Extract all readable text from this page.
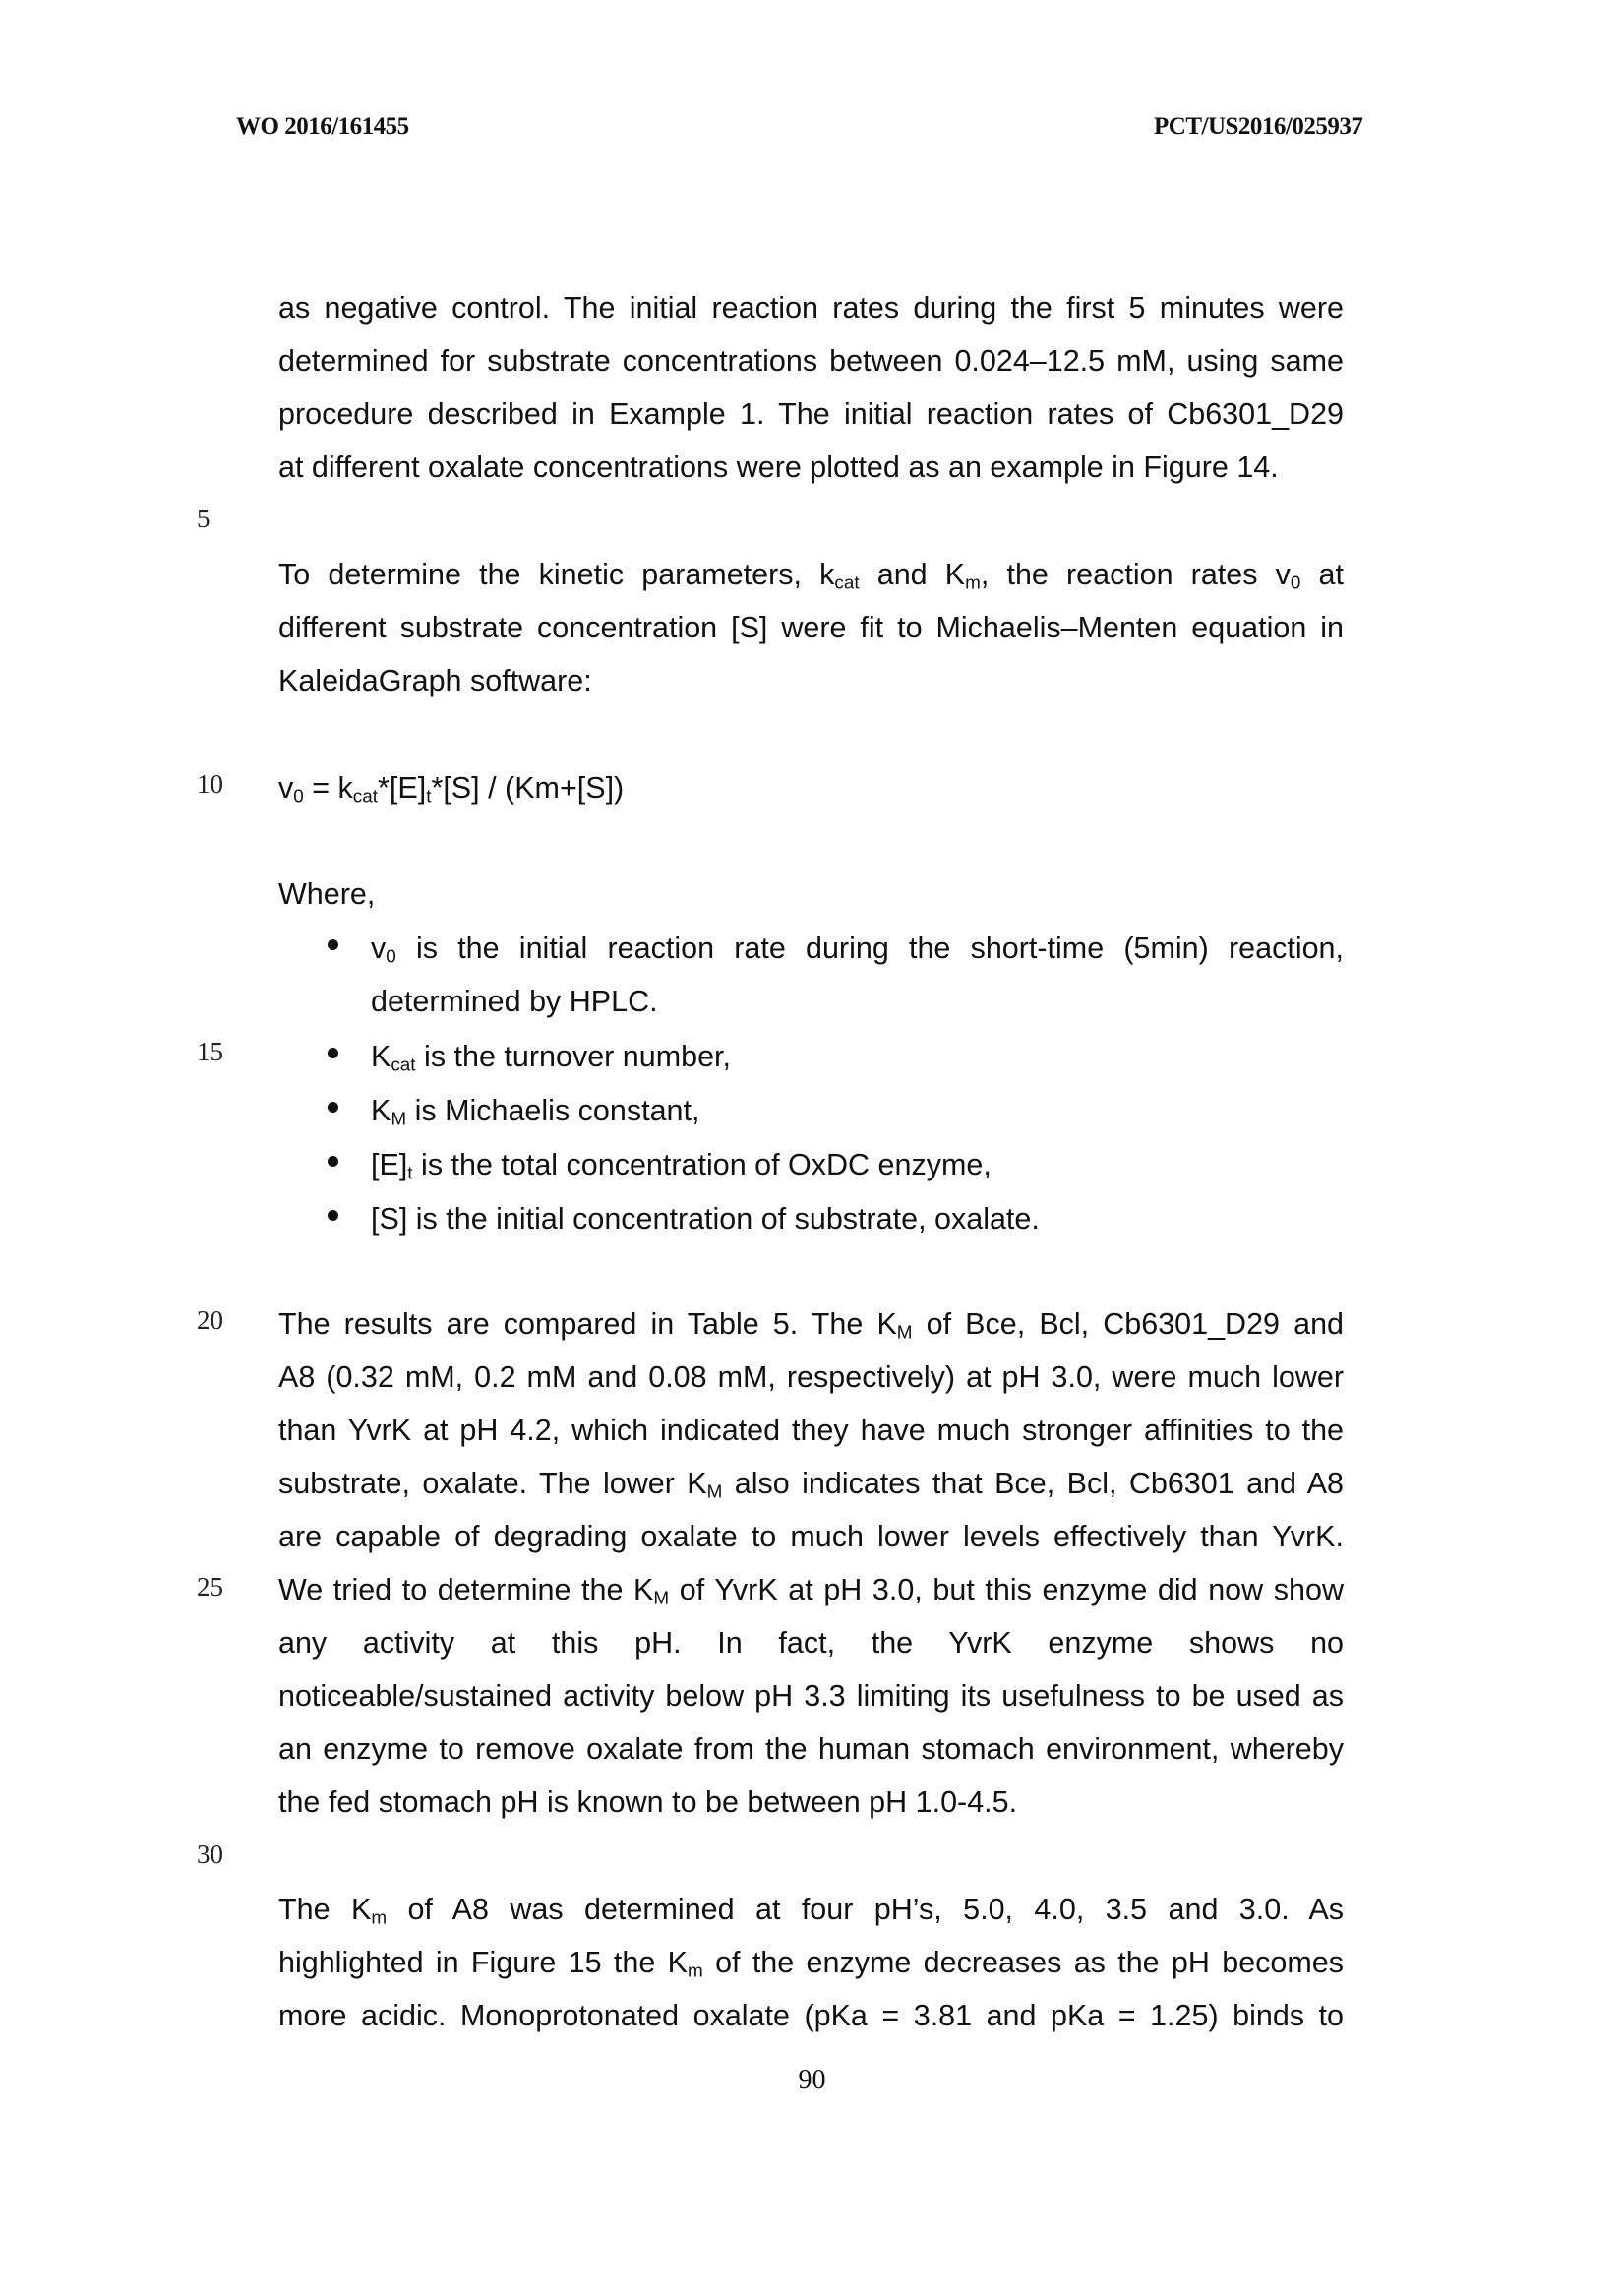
WO 2016/161455	PCT/US2016/025937
5
10
15
20
25
30
as negative control. The initial reaction rates during the first 5 minutes were
determined for substrate concentrations between 0.024–12.5 mM, using same
procedure described in Example 1. The initial reaction rates of Cb6301_D29
at different oxalate concentrations were plotted as an example in Figure 14.
To determine the kinetic parameters, $k_{cat}$ and $K_m$, the reaction rates $v_0$ at
different substrate concentration [S] were fit to Michaelis–Menten equation in
KaleidaGraph software:
$v_0 = k_{cat}*[E]_t*[S] / (Km+[S])$
Where,
$v_0$ is the initial reaction rate during the short-time (5min) reaction,
determined by HPLC.
$K_{cat}$ is the turnover number,
$K_M$ is Michaelis constant,
$[E]_t$ is the total concentration of OxDC enzyme,
[S] is the initial concentration of substrate, oxalate.
The results are compared in Table 5. The $K_M$ of Bce, Bcl, Cb6301_D29 and
A8 (0.32 mM, 0.2 mM and 0.08 mM, respectively) at pH 3.0, were much lower
than YvrK at pH 4.2, which indicated they have much stronger affinities to the
substrate, oxalate. The lower $K_M$ also indicates that Bce, Bcl, Cb6301 and A8
are capable of degrading oxalate to much lower levels effectively than YvrK.
We tried to determine the $K_M$ of YvrK at pH 3.0, but this enzyme did now show
any activity at this pH. In fact, the YvrK enzyme shows no
noticeable/sustained activity below pH 3.3 limiting its usefulness to be used as
an enzyme to remove oxalate from the human stomach environment, whereby
the fed stomach pH is known to be between pH 1.0-4.5.
The $K_m$ of A8 was determined at four pH’s, 5.0, 4.0, 3.5 and 3.0. As
highlighted in Figure 15 the $K_m$ of the enzyme decreases as the pH becomes
more acidic. Monoprotonated oxalate (pKa = 3.81 and pKa = 1.25) binds to
90
